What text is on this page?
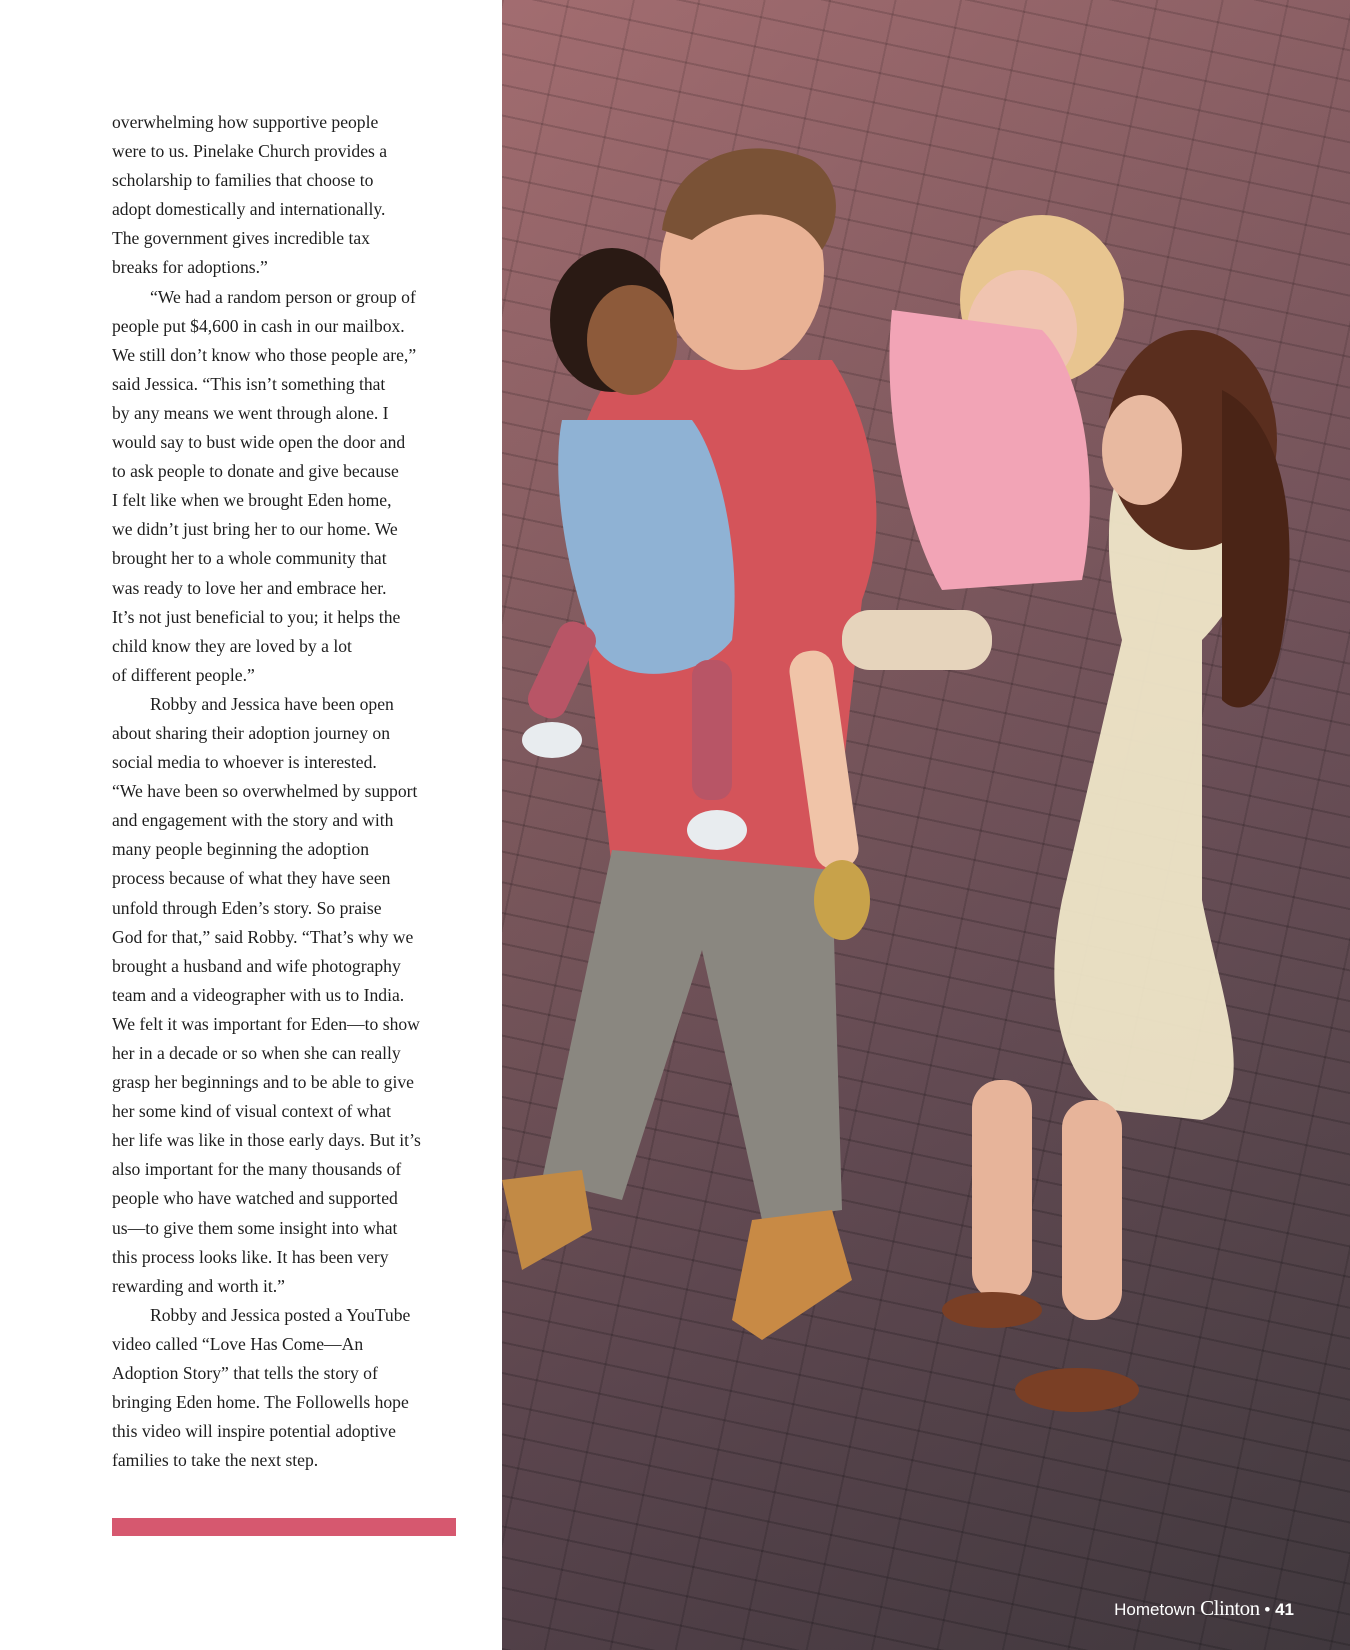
overwhelming how supportive people
were to us. Pinelake Church provides a
scholarship to families that choose to
adopt domestically and internationally.
The government gives incredible tax
breaks for adoptions.”

“We had a random person or group of
people put $4,600 in cash in our mailbox.
We still don’t know who those people are,”
said Jessica. “This isn’t something that
by any means we went through alone. I
would say to bust wide open the door and
to ask people to donate and give because
I felt like when we brought Eden home,
we didn’t just bring her to our home. We
brought her to a whole community that
was ready to love her and embrace her.
It’s not just beneficial to you; it helps the
child know they are loved by a lot
of different people.”

Robby and Jessica have been open
about sharing their adoption journey on
social media to whoever is interested.
“We have been so overwhelmed by support
and engagement with the story and with
many people beginning the adoption
process because of what they have seen
unfold through Eden’s story. So praise
God for that,” said Robby. “That’s why we
brought a husband and wife photography
team and a videographer with us to India.
We felt it was important for Eden—to show
her in a decade or so when she can really
grasp her beginnings and to be able to give
her some kind of visual context of what
her life was like in those early days. But it’s
also important for the many thousands of
people who have watched and supported
us—to give them some insight into what
this process looks like. It has been very
rewarding and worth it.”

Robby and Jessica posted a YouTube
video called “Love Has Come—An
Adoption Story” that tells the story of
bringing Eden home. The Followells hope
this video will inspire potential adoptive
families to take the next step.

Hometown Clinton • 41
